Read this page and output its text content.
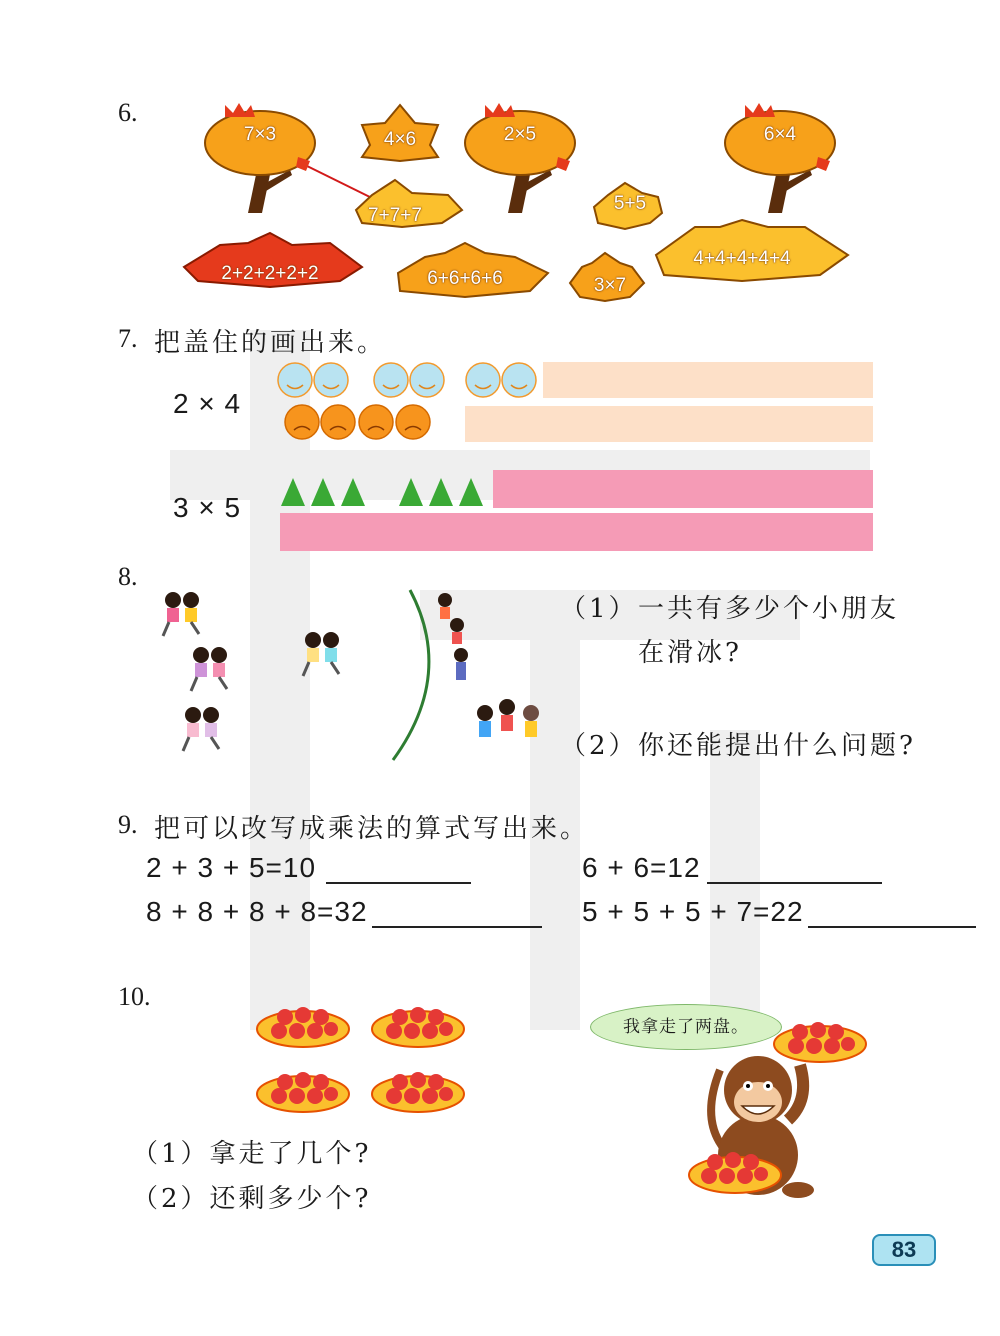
6.
7×3	2×5	6×4
4×6
7+7+7
5+5
2+2+2+2+2	6+6+6+6	3×7
4+4+4+4+4
7. 把盖住的画出来。
2 × 4
3 × 5
8.
（1） 一共有多少个小朋友
在滑冰?
（2） 你还能提出什么问题?
9. 把可以改写成乘法的算式写出来。
2 + 3 + 5=10	6 + 6=12
8 + 8 + 8 + 8=32	5 + 5 + 5 + 7=22
10.
我拿走了两盘。
（1）拿走了几个?
（2）还剩多少个?
83
